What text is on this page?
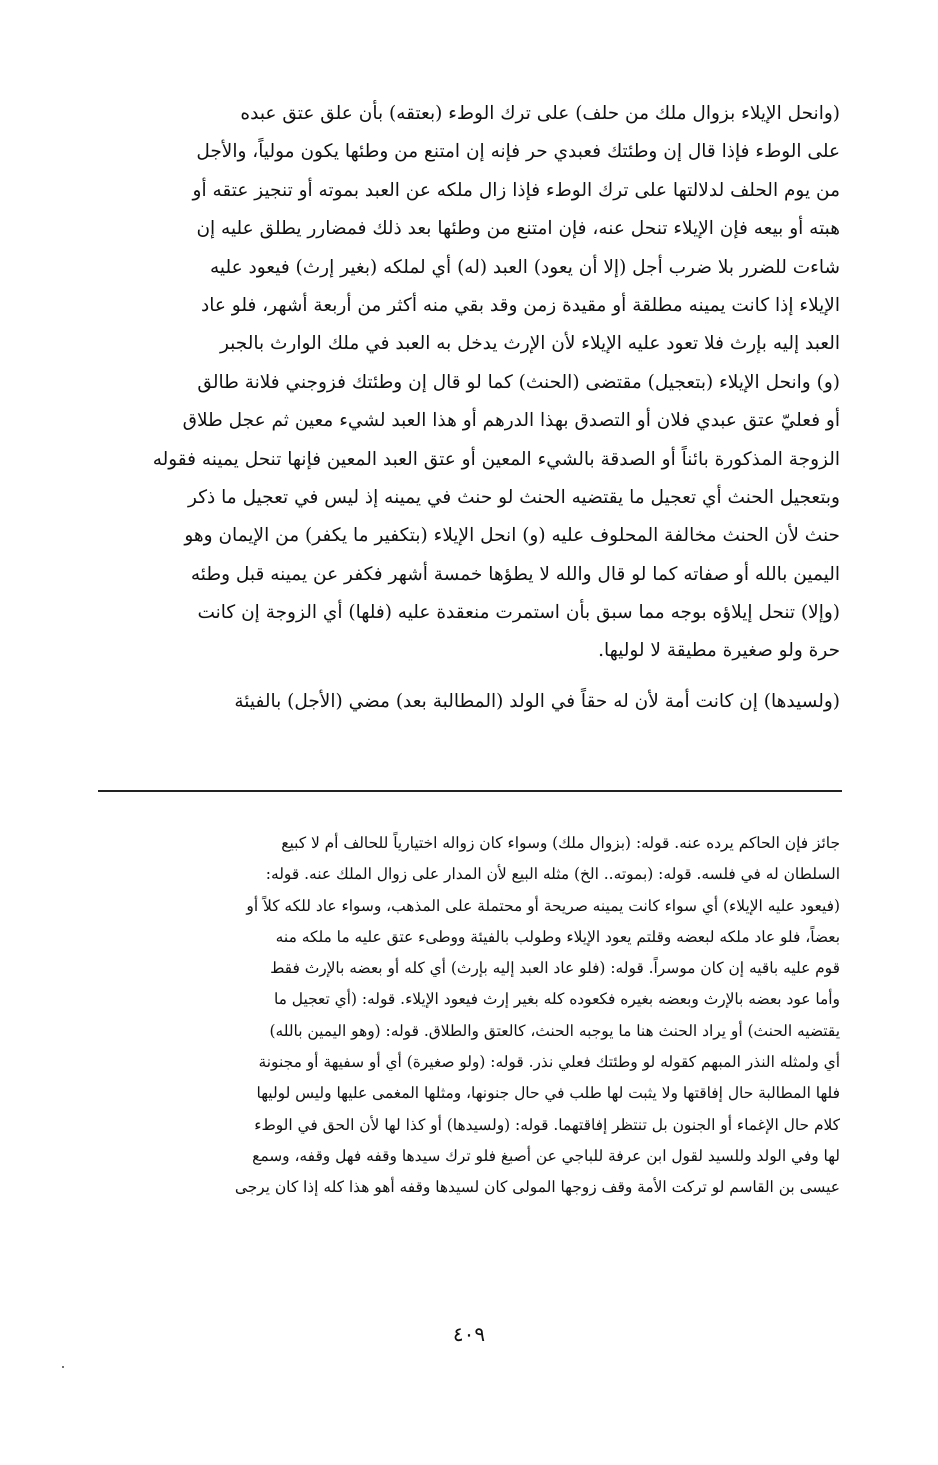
(وانحل الإيلاء بزوال ملك من حلف) على ترك الوطء (بعتقه) بأن علق عتق عبده
على الوطء فإذا قال إن وطئتك فعبدي حر فإنه إن امتنع من وطئها يكون مولياً، والأجل
من يوم الحلف لدلالتها على ترك الوطء فإذا زال ملكه عن العبد بموته أو تنجيز عتقه أو
هبته أو بيعه فإن الإيلاء تنحل عنه، فإن امتنع من وطئها بعد ذلك فمضارر يطلق عليه إن
شاءت للضرر بلا ضرب أجل (إلا أن يعود) العبد (له) أي لملكه (بغير إرث) فيعود عليه
الإيلاء إذا كانت يمينه مطلقة أو مقيدة زمن وقد بقي منه أكثر من أربعة أشهر، فلو عاد
العبد إليه بإرث فلا تعود عليه الإيلاء لأن الإرث يدخل به العبد في ملك الوارث بالجبر
(و) وانحل الإيلاء (بتعجيل) مقتضى (الحنث) كما لو قال إن وطئتك فزوجني فلانة طالق
أو فعليّ عتق عبدي فلان أو التصدق بهذا الدرهم أو هذا العبد لشيء معين ثم عجل طلاق
الزوجة المذكورة بائناً أو الصدقة بالشيء المعين أو عتق العبد المعين فإنها تنحل يمينه فقوله
وبتعجيل الحنث أي تعجيل ما يقتضيه الحنث لو حنث في يمينه إذ ليس في تعجيل ما ذكر
حنث لأن الحنث مخالفة المحلوف عليه (و) انحل الإيلاء (بتكفير ما يكفر) من الإيمان وهو
اليمين بالله أو صفاته كما لو قال والله لا يطؤها خمسة أشهر فكفر عن يمينه قبل وطئه
(وإلا) تنحل إيلاؤه بوجه مما سبق بأن استمرت منعقدة عليه (فلها) أي الزوجة إن كانت
حرة ولو صغيرة مطيقة لا لوليها.
(ولسيدها) إن كانت أمة لأن له حقاً في الولد (المطالبة بعد) مضي (الأجل) بالفيئة
جائز فإن الحاكم يرده عنه. قوله: (بزوال ملك) وسواء كان زواله اختيارياً للحالف أم لا كبيع
السلطان له في فلسه. قوله: (بموته.. الخ) مثله البيع لأن المدار على زوال الملك عنه. قوله:
(فيعود عليه الإيلاء) أي سواء كانت يمينه صريحة أو محتملة على المذهب، وسواء عاد للكه كلاً أو
بعضاً، فلو عاد ملكه لبعضه وقلتم يعود الإيلاء وطولب بالفيئة ووطىء عتق عليه ما ملكه منه
قوم عليه باقيه إن كان موسراً. قوله: (فلو عاد العبد إليه بإرث) أي كله أو بعضه بالإرث فقط
وأما عود بعضه بالإرث وبعضه بغيره فكعوده كله بغير إرث فيعود الإيلاء. قوله: (أي تعجيل ما
يقتضيه الحنث) أو يراد الحنث هنا ما يوجبه الحنث، كالعتق والطلاق. قوله: (وهو اليمين بالله)
أي ولمثله النذر المبهم كقوله لو وطئتك فعلي نذر. قوله: (ولو صغيرة) أي أو سفيهة أو مجنونة
فلها المطالبة حال إفاقتها ولا يثبت لها طلب في حال جنونها، ومثلها المغمى عليها وليس لوليها
كلام حال الإغماء أو الجنون بل تنتظر إفاقتهما. قوله: (ولسيدها) أو كذا لها لأن الحق في الوطء
لها وفي الولد وللسيد لقول ابن عرفة للباجي عن أصبغ فلو ترك سيدها وقفه فهل وقفه، وسمع
عيسى بن القاسم لو تركت الأمة وقف زوجها المولى كان لسيدها وقفه أهو هذا كله إذا كان يرجى
٤٠٩
